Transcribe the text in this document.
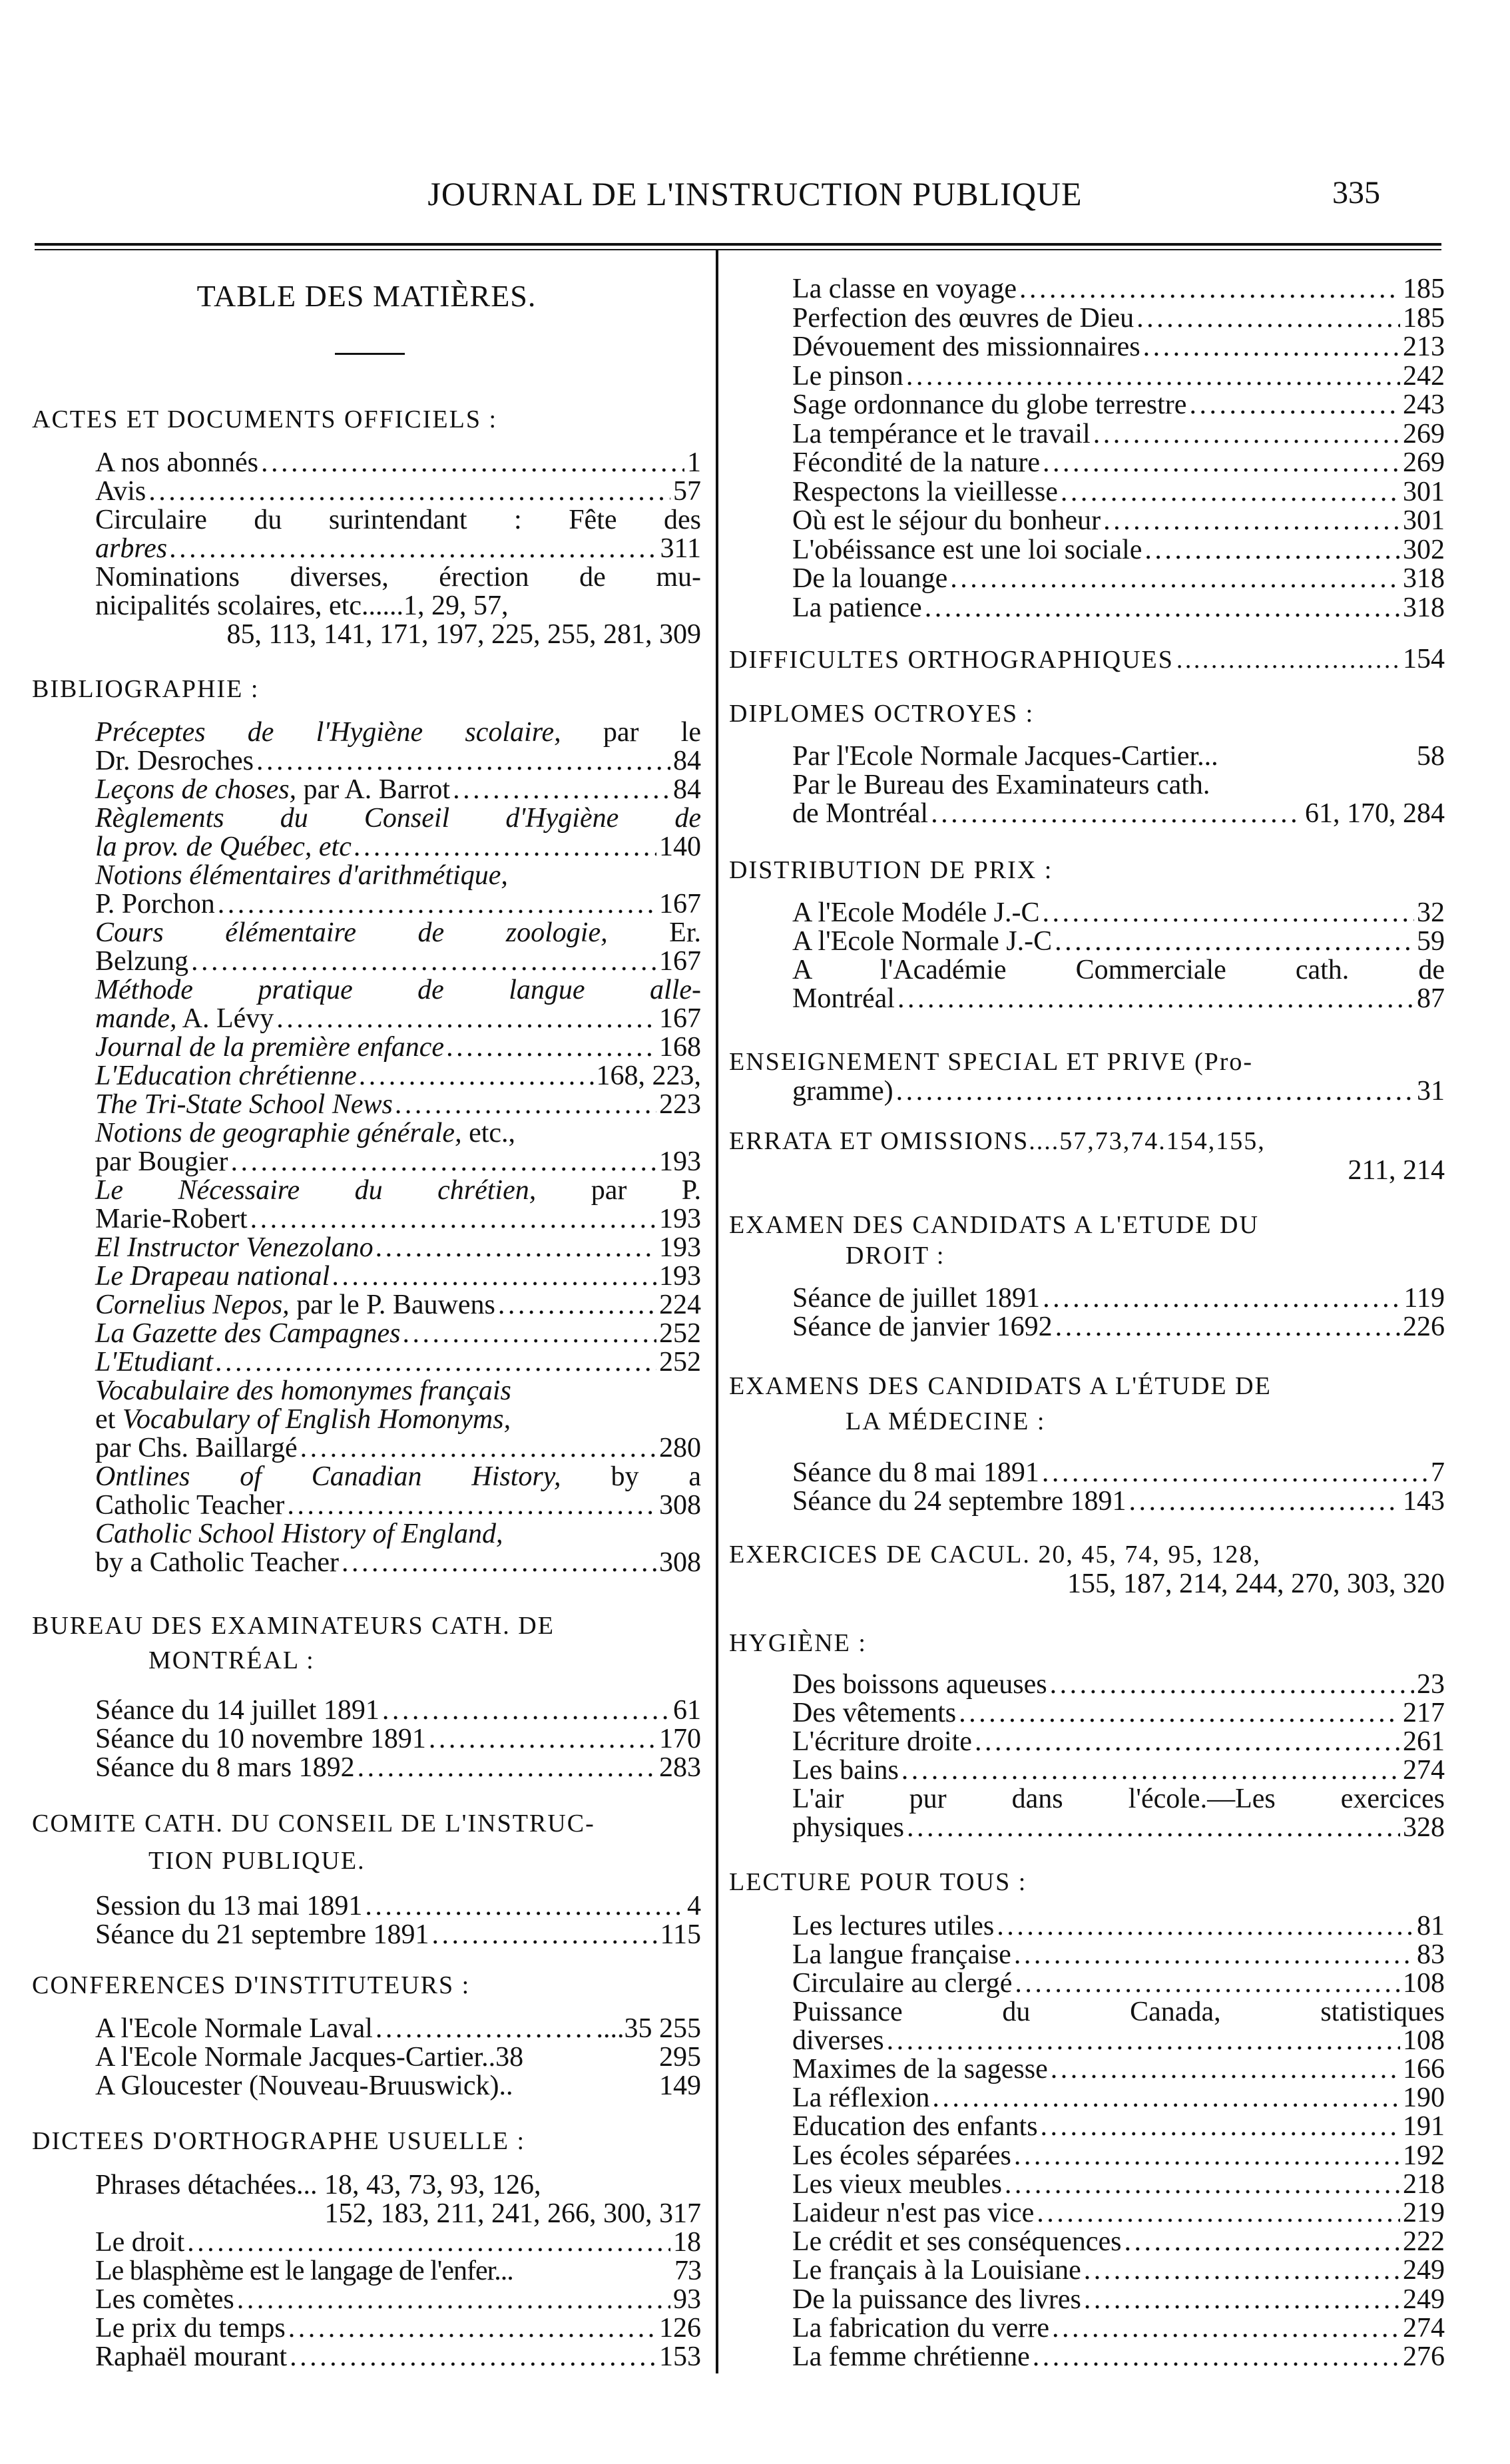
JOURNAL DE L'INSTRUCTION PUBLIQUE	335
TABLE DES MATIÈRES.
ACTES ET DOCUMENTS OFFICIELS :
A nos abonnés . . .	1
Avis . . .	57
Circulaire du surintendant : Fête des
arbres . . .	311
Nominations diverses, érection de mu-
nicipalités scolaires, etc......1, 29, 57,
85, 113, 141, 171, 197, 225, 255, 281, 309
BIBLIOGRAPHIE :
Préceptes de l'Hygiène scolaire, par le
Dr. Desroches . . .	84
Leçons de choses, par A. Barrot . . .	84
Règlements du Conseil d'Hygiène de
la prov. de Québec, etc . . .	140
Notions élémentaires d'arithmétique,
P. Porchon . . .	167
Cours élémentaire de zoologie, Er.
Belzung . . .	167
Méthode pratique de langue alle-
mande, A. Lévy . . .	167
Journal de la première enfance . . .	168
L'Education chrétienne . . .	168, 223,
The Tri-State School News . . .	223
Notions de geographie générale, etc.,
par Bougier . . .	193
Le Nécessaire du chrétien, par P.
Marie-Robert . . .	193
El Instructor Venezolano . . .	193
Le Drapeau national . . .	193
Cornelius Nepos, par le P. Bauwens . . .	224
La Gazette des Campagnes . . .	252
L'Etudiant . . .	252
Vocabulaire des homonymes français
et Vocabulary of English Homonyms,
par Chs. Baillargé . . .	280
Ontlines of Canadian History, by a
Catholic Teacher . . .	308
Catholic School History of England,
by a Catholic Teacher . . .	308
BUREAU DES EXAMINATEURS CATH. DE
MONTRÉAL :
Séance du 14 juillet 1891 . . .	61
Séance du 10 novembre 1891 . . .	170
Séance du 8 mars 1892 . . .	283
COMITE CATH. DU CONSEIL DE L'INSTRUC-
TION PUBLIQUE.
Session du 13 mai 1891 . . .	4
Séance du 21 septembre 1891 . . .	115
CONFERENCES D'INSTITUTEURS :
A l'Ecole Normale Laval . . .	....35 255
A l'Ecole Normale Jacques-Cartier..38	295
A Gloucester (Nouveau-Bruuswick)..	149
DICTEES D'ORTHOGRAPHE USUELLE :
Phrases détachées... 18, 43, 73, 93, 126,
152, 183, 211, 241, 266, 300, 317
Le droit . . .	18
Le blasphème est le langage de l'enfer...	73
Les comètes . . .	93
Le prix du temps . . .	126
Raphaël mourant . . .	153
La classe en voyage . . .	185
Perfection des œuvres de Dieu . . .	185
Dévouement des missionnaires . . .	213
Le pinson . . .	242
Sage ordonnance du globe terrestre . . .	243
La tempérance et le travail . . .	269
Fécondité de la nature . . .	269
Respectons la vieillesse . . .	301
Où est le séjour du bonheur . . .	301
L'obéissance est une loi sociale . . .	302
De la louange . . .	318
La patience . . .	318
DIFFICULTES ORTHOGRAPHIQUES . . .	154
DIPLOMES OCTROYES :
Par l'Ecole Normale Jacques-Cartier...	58
Par le Bureau des Examinateurs cath.
de Montréal . . .	61, 170, 284
DISTRIBUTION DE PRIX :
A l'Ecole Modéle J.-C . . .	32
A l'Ecole Normale J.-C . . .	59
A l'Académie Commerciale cath. de
Montréal . . .	87
ENSEIGNEMENT SPECIAL ET PRIVE (Pro-
gramme) . . .	31
ERRATA ET OMISSIONS....57,73,74.154,155,
211, 214
EXAMEN DES CANDIDATS A L'ETUDE DU
DROIT :
Séance de juillet 1891 . . .	119
Séance de janvier 1692 . . .	226
EXAMENS DES CANDIDATS A L'ÉTUDE DE
LA MÉDECINE :
Séance du 8 mai 1891 . . .	7
Séance du 24 septembre 1891 . . .	143
EXERCICES DE CACUL. 20, 45, 74, 95, 128,
155, 187, 214, 244, 270, 303, 320
HYGIÈNE :
Des boissons aqueuses . . .	23
Des vêtements . . .	217
L'écriture droite . . .	261
Les bains . . .	274
L'air pur dans l'école.—Les exercices
physiques . . .	328
LECTURE POUR TOUS :
Les lectures utiles . . .	81
La langue française . . .	83
Circulaire au clergé . . .	108
Puissance du Canada, statistiques
diverses . . .	108
Maximes de la sagesse . . .	166
La réflexion . . .	190
Education des enfants . . .	191
Les écoles séparées . . .	192
Les vieux meubles . . .	218
Laideur n'est pas vice . . .	219
Le crédit et ses conséquences . . .	222
Le français à la Louisiane . . .	249
De la puissance des livres . . .	249
La fabrication du verre . . .	274
La femme chrétienne . . .	276
